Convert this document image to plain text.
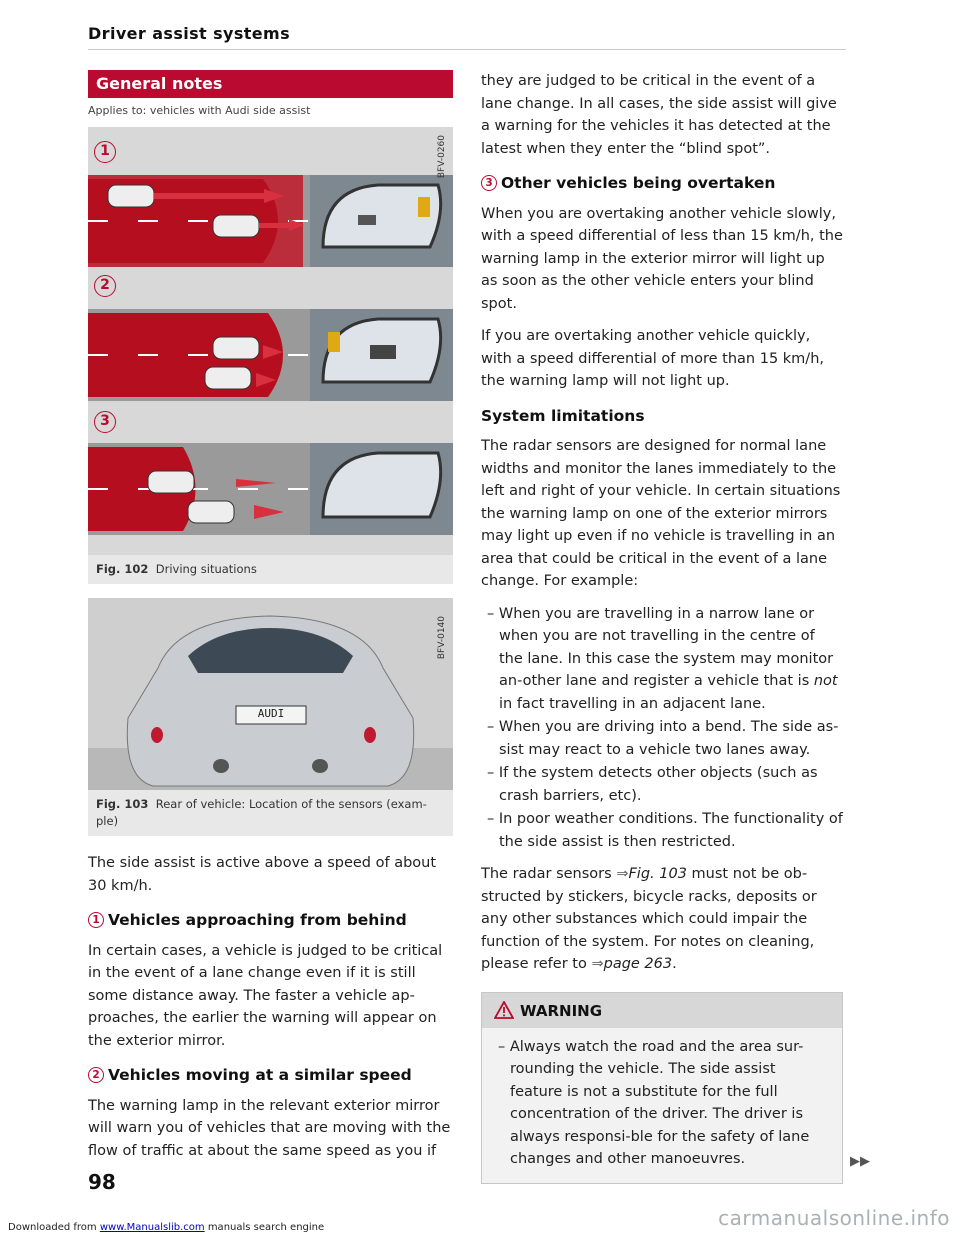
Driver assist systems
General notes
Applies to: vehicles with Audi side assist
1
2
3
BFV-0260
Fig. 102 Driving situations
AUDI
BFV-0140
Fig. 103 Rear of vehicle: Location of the sensors (exam-ple)

The side assist is active above a speed of about 30 km/h.

1 Vehicles approaching from behind

In certain cases, a vehicle is judged to be critical in the event of a lane change even if it is still some distance away. The faster a vehicle ap-proaches, the earlier the warning will appear on the exterior mirror.

2 Vehicles moving at a similar speed

The warning lamp in the relevant exterior mirror will warn you of vehicles that are moving with the flow of traffic at about the same speed as you if

they are judged to be critical in the event of a lane change. In all cases, the side assist will give a warning for the vehicles it has detected at the latest when they enter the “blind spot”.

3 Other vehicles being overtaken

When you are overtaking another vehicle slowly, with a speed differential of less than 15 km/h, the warning lamp in the exterior mirror will light up as soon as the other vehicle enters your blind spot.

If you are overtaking another vehicle quickly, with a speed differential of more than 15 km/h, the warning lamp will not light up.

System limitations

The radar sensors are designed for normal lane widths and monitor the lanes immediately to the left and right of your vehicle. In certain situations the warning lamp on one of the exterior mirrors may light up even if no vehicle is travelling in an area that could be critical in the event of a lane change. For example:

– When you are travelling in a narrow lane or when you are not travelling in the centre of the lane. In this case the system may monitor an-other lane and register a vehicle that is not in fact travelling in an adjacent lane.
– When you are driving into a bend. The side as-sist may react to a vehicle two lanes away.
– If the system detects other objects (such as crash barriers, etc).
– In poor weather conditions. The functionality of the side assist is then restricted.

The radar sensors ⇒Fig. 103 must not be ob-structed by stickers, bicycle racks, deposits or any other substances which could impair the function of the system. For notes on cleaning, please refer to ⇒page 263.

WARNING
– Always watch the road and the area sur-rounding the vehicle. The side assist feature is not a substitute for the full concentration of the driver. The driver is always responsi-ble for the safety of lane changes and other manoeuvres.	▶▶
98
Downloaded from www.Manualslib.com manuals search engine	carmanualsonline.info
